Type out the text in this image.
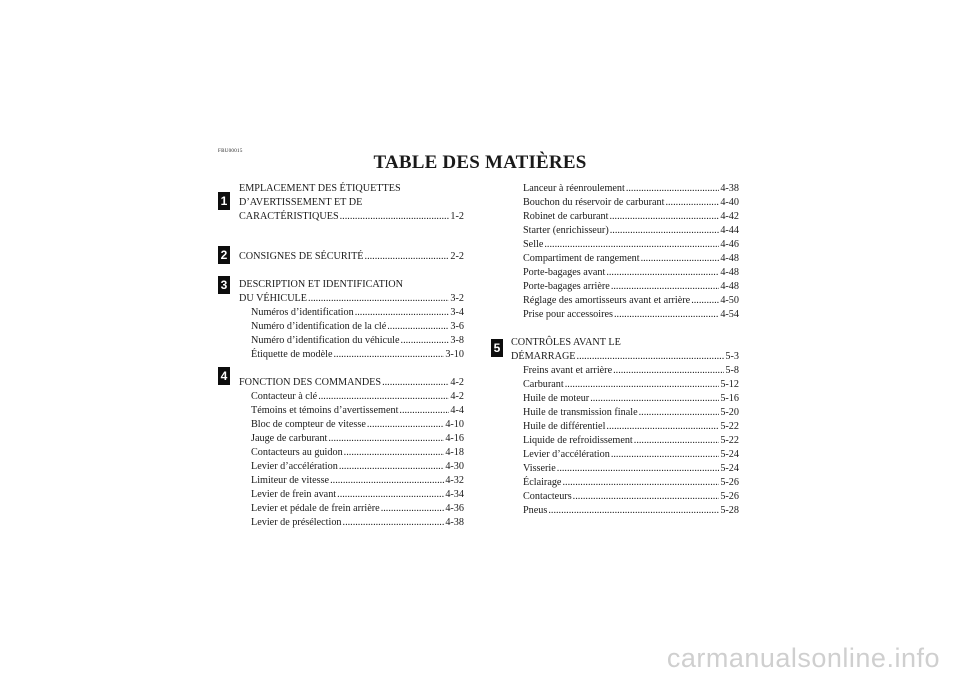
FBU00015
TABLE DES MATIÈRES
1
2
3
4
5
EMPLACEMENT DES ÉTIQUETTES
D’AVERTISSEMENT ET DE
CARACTÉRISTIQUES .....	1-2
CONSIGNES DE SÉCURITÉ .....	2-2
DESCRIPTION ET IDENTIFICATION
DU VÉHICULE .....	3-2
Numéros d’identification .....	3-4
Numéro d’identification de la clé .....	3-6
Numéro d’identification du véhicule .....	3-8
Étiquette de modèle .....	3-10
FONCTION DES COMMANDES .....	4-2
Contacteur à clé .....	4-2
Témoins et témoins d’avertissement .....	4-4
Bloc de compteur de vitesse .....	4-10
Jauge de carburant .....	4-16
Contacteurs au guidon .....	4-18
Levier d’accélération .....	4-30
Limiteur de vitesse .....	4-32
Levier de frein avant .....	4-34
Levier et pédale de frein arrière .....	4-36
Levier de présélection .....	4-38
Lanceur à réenroulement .....	4-38
Bouchon du réservoir de carburant .....	4-40
Robinet de carburant .....	4-42
Starter (enrichisseur) .....	4-44
Selle .....	4-46
Compartiment de rangement .....	4-48
Porte-bagages avant .....	4-48
Porte-bagages arrière .....	4-48
Réglage des amortisseurs avant et arrière .....	4-50
Prise pour accessoires .....	4-54
CONTRÔLES AVANT LE
DÉMARRAGE .....	5-3
Freins avant et arrière .....	5-8
Carburant .....	5-12
Huile de moteur .....	5-16
Huile de transmission finale .....	5-20
Huile de différentiel .....	5-22
Liquide de refroidissement .....	5-22
Levier d’accélération .....	5-24
Visserie .....	5-24
Éclairage .....	5-26
Contacteurs .....	5-26
Pneus .....	5-28
carmanualsonline.info
